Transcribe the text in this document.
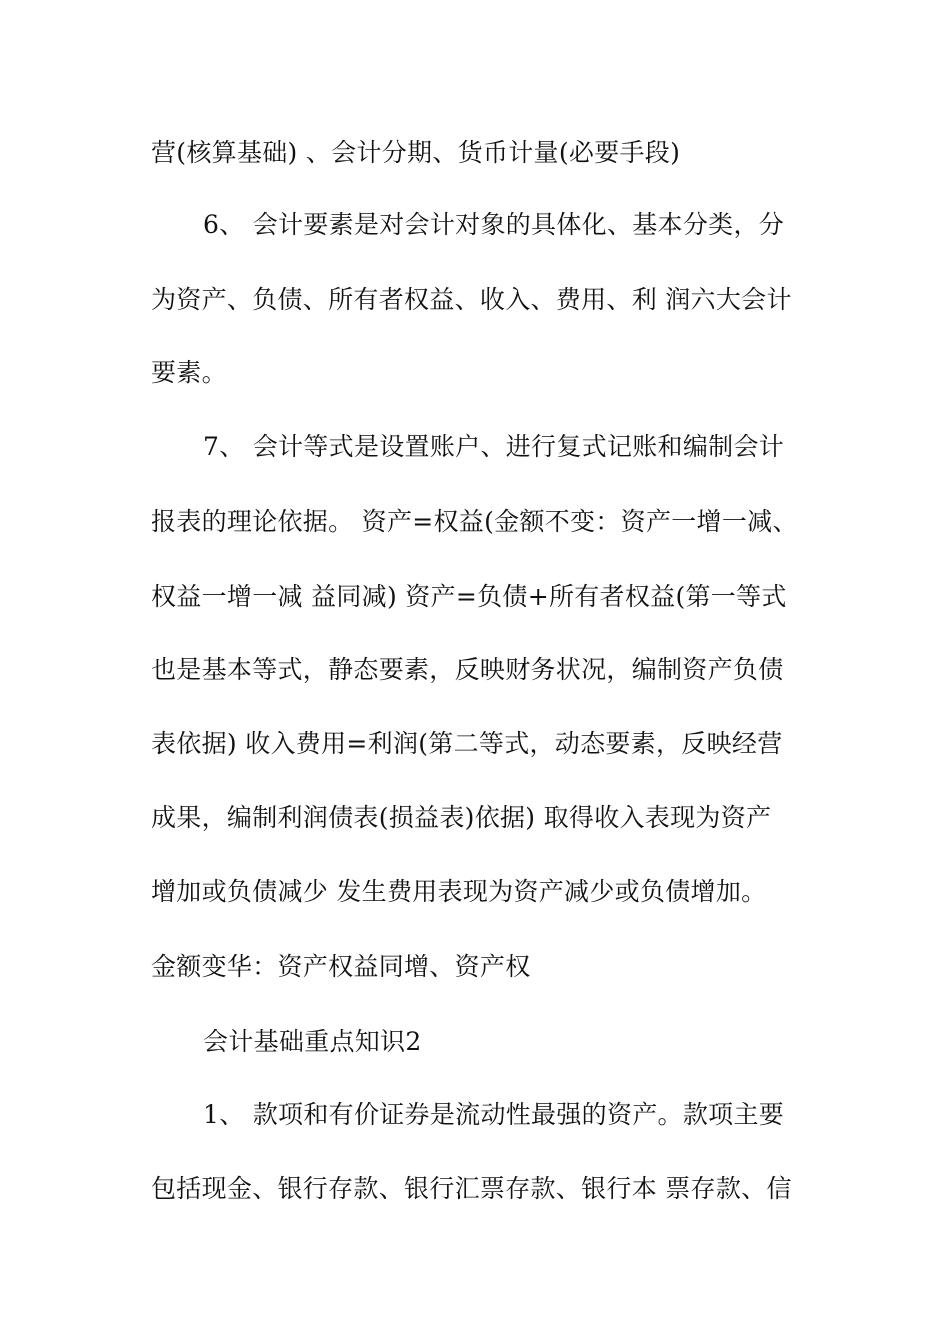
营(核算基础) 、会计分期、货币计量(必要手段)
6、 会计要素是对会计对象的具体化、基本分类，分
为资产、负债、所有者权益、收入、费用、利 润六大会计
要素。
7、 会计等式是设置账户、进行复式记账和编制会计
报表的理论依据。 资产=权益(金额不变：资产一增一减、
权益一增一减 益同减) 资产=负债+所有者权益(第一等式
也是基本等式，静态要素，反映财务状况，编制资产负债
表依据) 收入费用=利润(第二等式，动态要素，反映经营
成果，编制利润债表(损益表)依据) 取得收入表现为资产
增加或负债减少 发生费用表现为资产减少或负债增加。
金额变华：资产权益同增、资产权
会计基础重点知识2
1、 款项和有价证券是流动性最强的资产。款项主要
包括现金、银行存款、银行汇票存款、银行本 票存款、信
